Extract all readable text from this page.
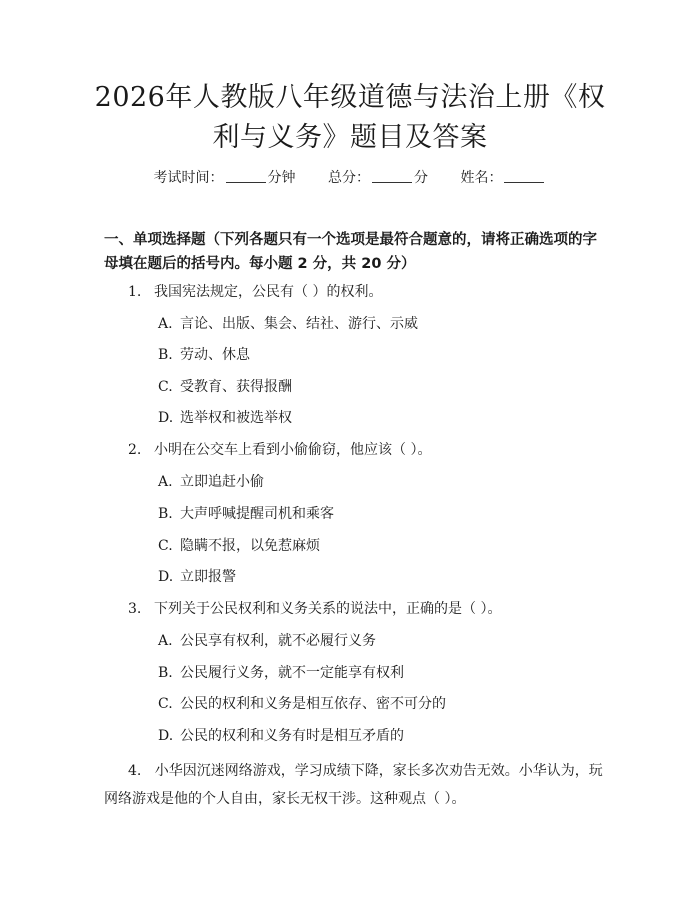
2026年人教版八年级道德与法治上册《权利与义务》题目及答案
考试时间：	分钟 总分：	分 姓名：
一、单项选择题（下列各题只有一个选项是最符合题意的，请将正确选项的字母填在题后的括号内。每小题 2 分，共 20 分）
1. 我国宪法规定，公民有（ ）的权利。
A. 言论、出版、集会、结社、游行、示威
B. 劳动、休息
C. 受教育、获得报酬
D. 选举权和被选举权
2. 小明在公交车上看到小偷偷窃，他应该（ ）。
A. 立即追赶小偷
B. 大声呼喊提醒司机和乘客
C. 隐瞒不报，以免惹麻烦
D. 立即报警
3. 下列关于公民权利和义务关系的说法中，正确的是（ ）。
A. 公民享有权利，就不必履行义务
B. 公民履行义务，就不一定能享有权利
C. 公民的权利和义务是相互依存、密不可分的
D. 公民的权利和义务有时是相互矛盾的
4. 小华因沉迷网络游戏，学习成绩下降，家长多次劝告无效。小华认为，玩网络游戏是他的个人自由，家长无权干涉。这种观点（ ）。
